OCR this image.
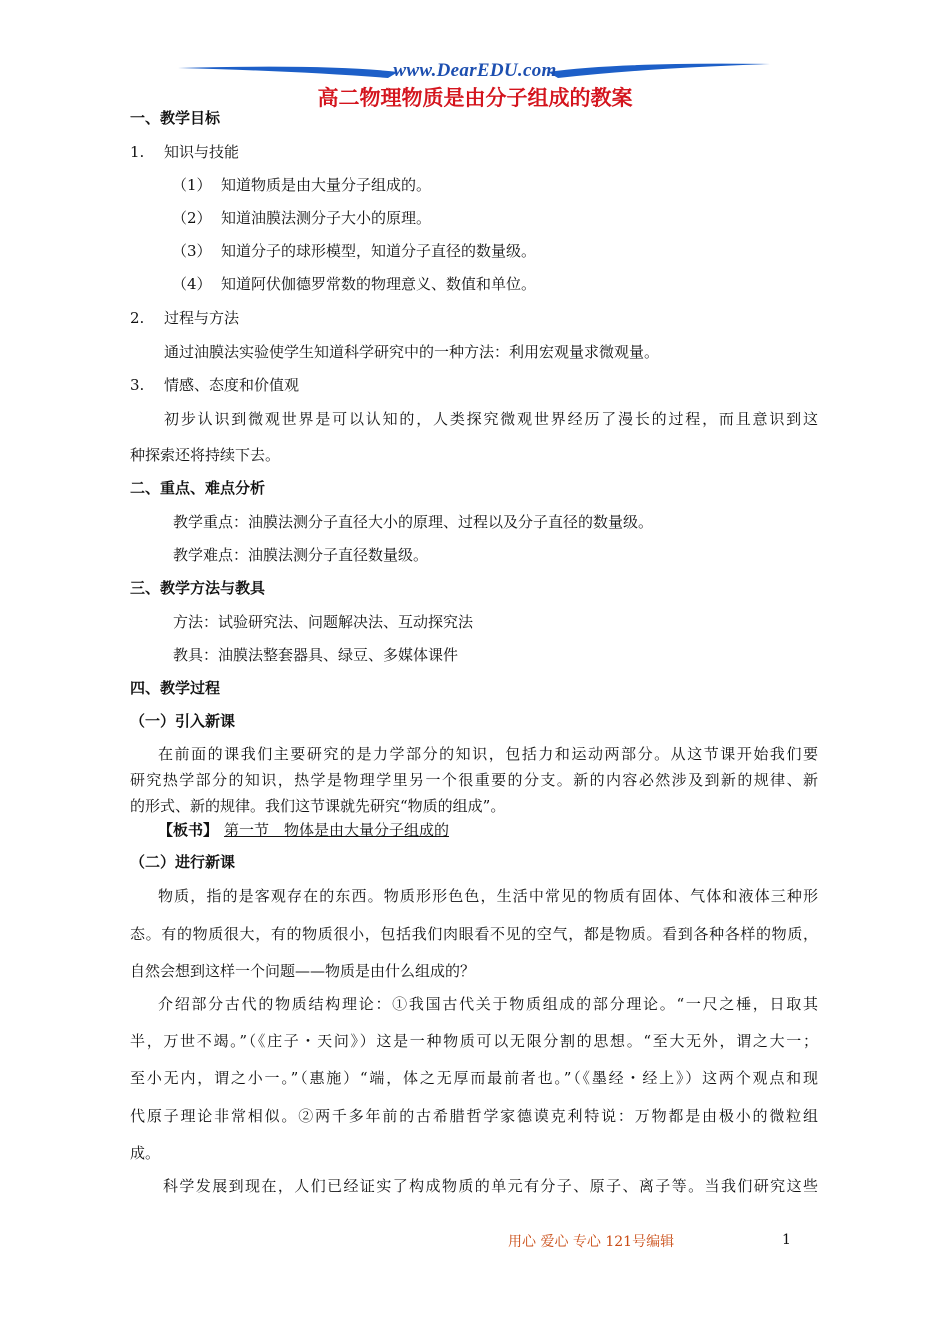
www.DearEDU.com
高二物理物质是由分子组成的教案
一、教学目标
1. 知识与技能
（1） 知道物质是由大量分子组成的。
（2） 知道油膜法测分子大小的原理。
（3） 知道分子的球形模型，知道分子直径的数量级。
（4） 知道阿伏伽德罗常数的物理意义、数值和单位。
2. 过程与方法
通过油膜法实验使学生知道科学研究中的一种方法：利用宏观量求微观量。
3. 情感、态度和价值观
初步认识到微观世界是可以认知的，人类探究微观世界经历了漫长的过程，而且意识到这
种探索还将持续下去。
二、重点、难点分析
教学重点：油膜法测分子直径大小的原理、过程以及分子直径的数量级。
教学难点：油膜法测分子直径数量级。
三、教学方法与教具
方法：试验研究法、问题解决法、互动探究法
教具：油膜法整套器具、绿豆、多媒体课件
四、教学过程
（一）引入新课
在前面的课我们主要研究的是力学部分的知识，包括力和运动两部分。从这节课开始我们要
研究热学部分的知识，热学是物理学里另一个很重要的分支。新的内容必然涉及到新的规律、新
的形式、新的规律。我们这节课就先研究“物质的组成”。
【板书】 第一节　物体是由大量分子组成的
（二）进行新课
物质，指的是客观存在的东西。物质形形色色，生活中常见的物质有固体、气体和液体三种形
态。有的物质很大，有的物质很小，包括我们肉眼看不见的空气，都是物质。看到各种各样的物质，
自然会想到这样一个问题——物质是由什么组成的？
介绍部分古代的物质结构理论：①我国古代关于物质组成的部分理论。“一尺之棰，日取其
半，万世不竭。”（《庄子・天问》）这是一种物质可以无限分割的思想。“至大无外，谓之大一；
至小无内，谓之小一。”（惠施）“端，体之无厚而最前者也。”（《墨经・经上》）这两个观点和现
代原子理论非常相似。②两千多年前的古希腊哲学家德谟克利特说：万物都是由极小的微粒组
成。
科学发展到现在，人们已经证实了构成物质的单元有分子、原子、离子等。当我们研究这些
用心 爱心 专心 121号编辑	1
